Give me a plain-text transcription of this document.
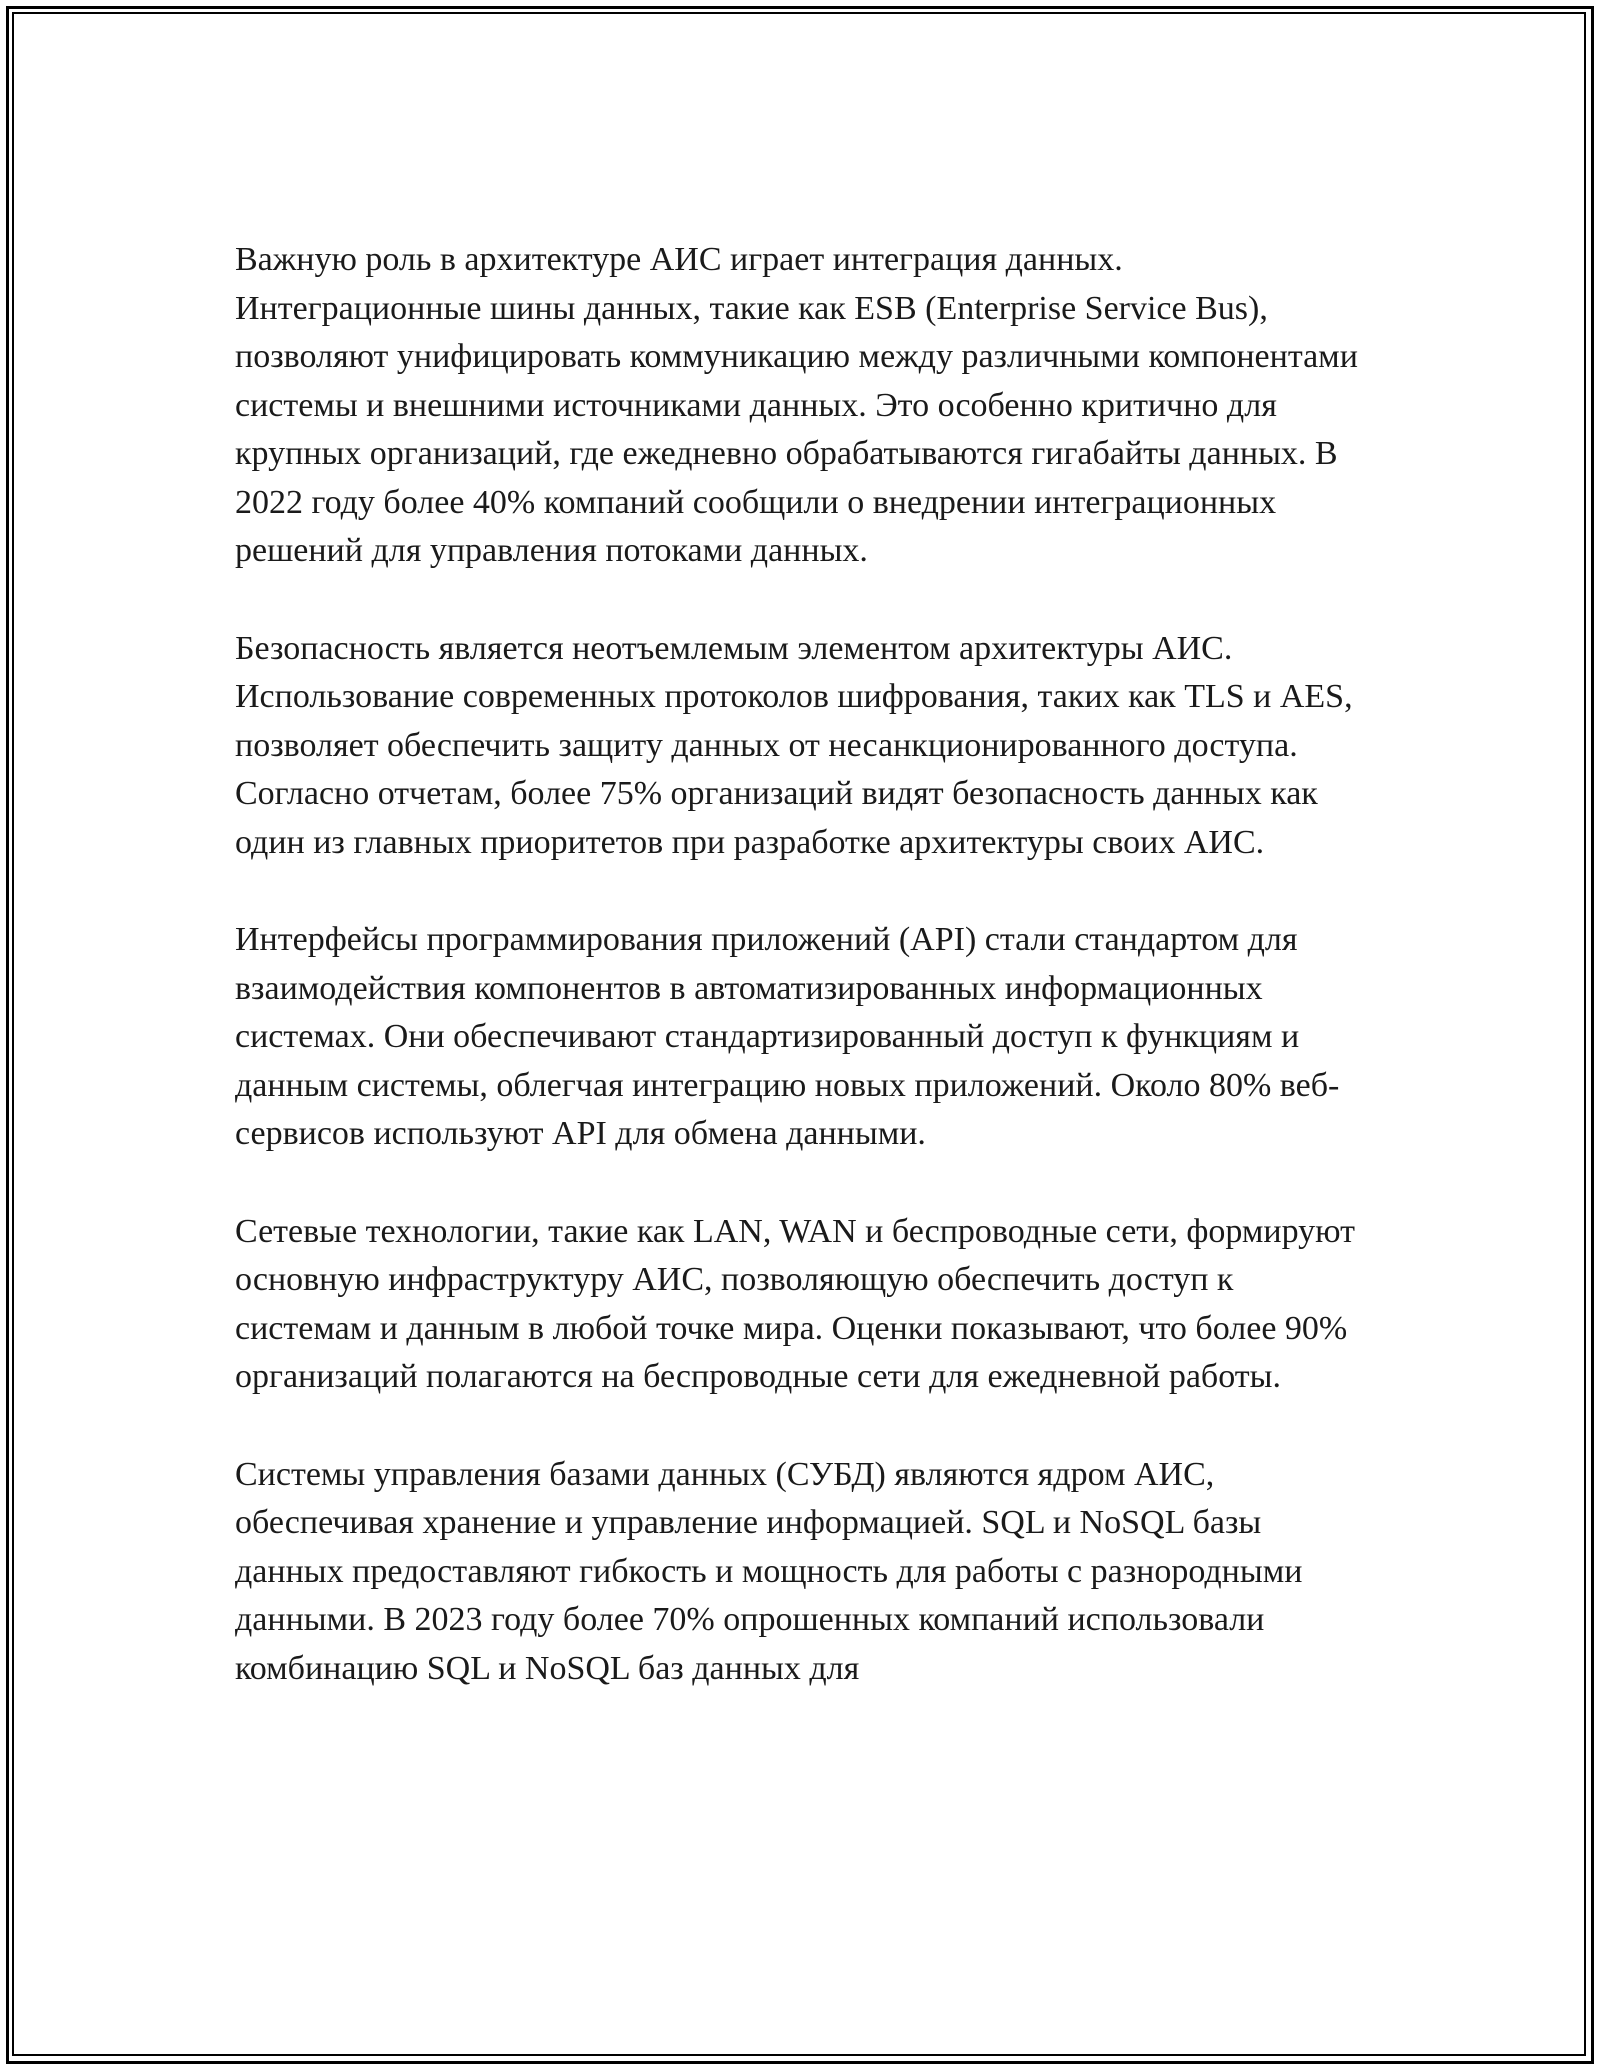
Важную роль в архитектуре АИС играет интеграция данных. Интеграционные шины данных, такие как ESB (Enterprise Service Bus), позволяют унифицировать коммуникацию между различными компонентами системы и внешними источниками данных. Это особенно критично для крупных организаций, где ежедневно обрабатываются гигабайты данных. В 2022 году более 40% компаний сообщили о внедрении интеграционных решений для управления потоками данных.

Безопасность является неотъемлемым элементом архитектуры АИС. Использование современных протоколов шифрования, таких как TLS и AES, позволяет обеспечить защиту данных от несанкционированного доступа. Согласно отчетам, более 75% организаций видят безопасность данных как один из главных приоритетов при разработке архитектуры своих АИС.

Интерфейсы программирования приложений (API) стали стандартом для взаимодействия компонентов в автоматизированных информационных системах. Они обеспечивают стандартизированный доступ к функциям и данным системы, облегчая интеграцию новых приложений. Около 80% веб-сервисов используют API для обмена данными.

Сетевые технологии, такие как LAN, WAN и беспроводные сети, формируют основную инфраструктуру АИС, позволяющую обеспечить доступ к системам и данным в любой точке мира. Оценки показывают, что более 90% организаций полагаются на беспроводные сети для ежедневной работы.

Системы управления базами данных (СУБД) являются ядром АИС, обеспечивая хранение и управление информацией. SQL и NoSQL базы данных предоставляют гибкость и мощность для работы с разнородными данными. В 2023 году более 70% опрошенных компаний использовали комбинацию SQL и NoSQL баз данных для
